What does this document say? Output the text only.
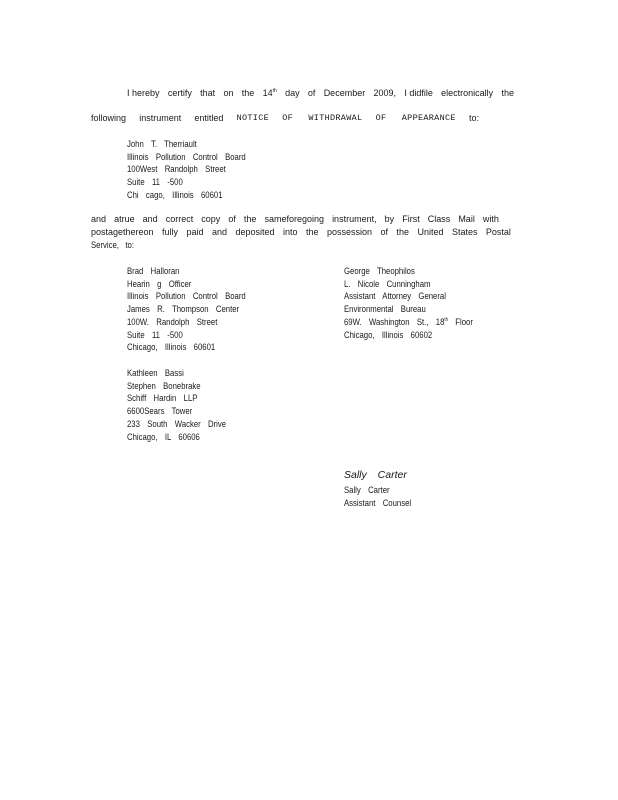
I hereby certify that on the 14th day of December 2009, I didfile electronically the
following instrument entitled NOTICE OF WITHDRAWAL OF APPEARANCE to:
John T. Therriault
Illinois Pollution Control Board
100West Randolph Street
Suite 11 -500
Chi cago, Illinois 60601
and atrue and correct copy of the sameforegoing instrument, by First Class Mail with
postagethereon fully paid and deposited into the possession of the United States Postal
Service,   to:
Brad Halloran
Hearin g Officer
Illinois Pollution Control Board
James R. Thompson Center
100W. Randolph Street
Suite 11 -500
Chicago, Illinois 60601
George Theophilos
L. Nicole Cunningham
Assistant Attorney General
Environmental Bureau
69W. Washington St., 18th Floor
Chicago, Illinois 60602
Kathleen Bassi
Stephen Bonebrake
Schiff Hardin LLP
6600Sears Tower
233 South Wacker Drive
Chicago, IL 60606
Sally Carter
Sally Carter
Assistant Counsel
